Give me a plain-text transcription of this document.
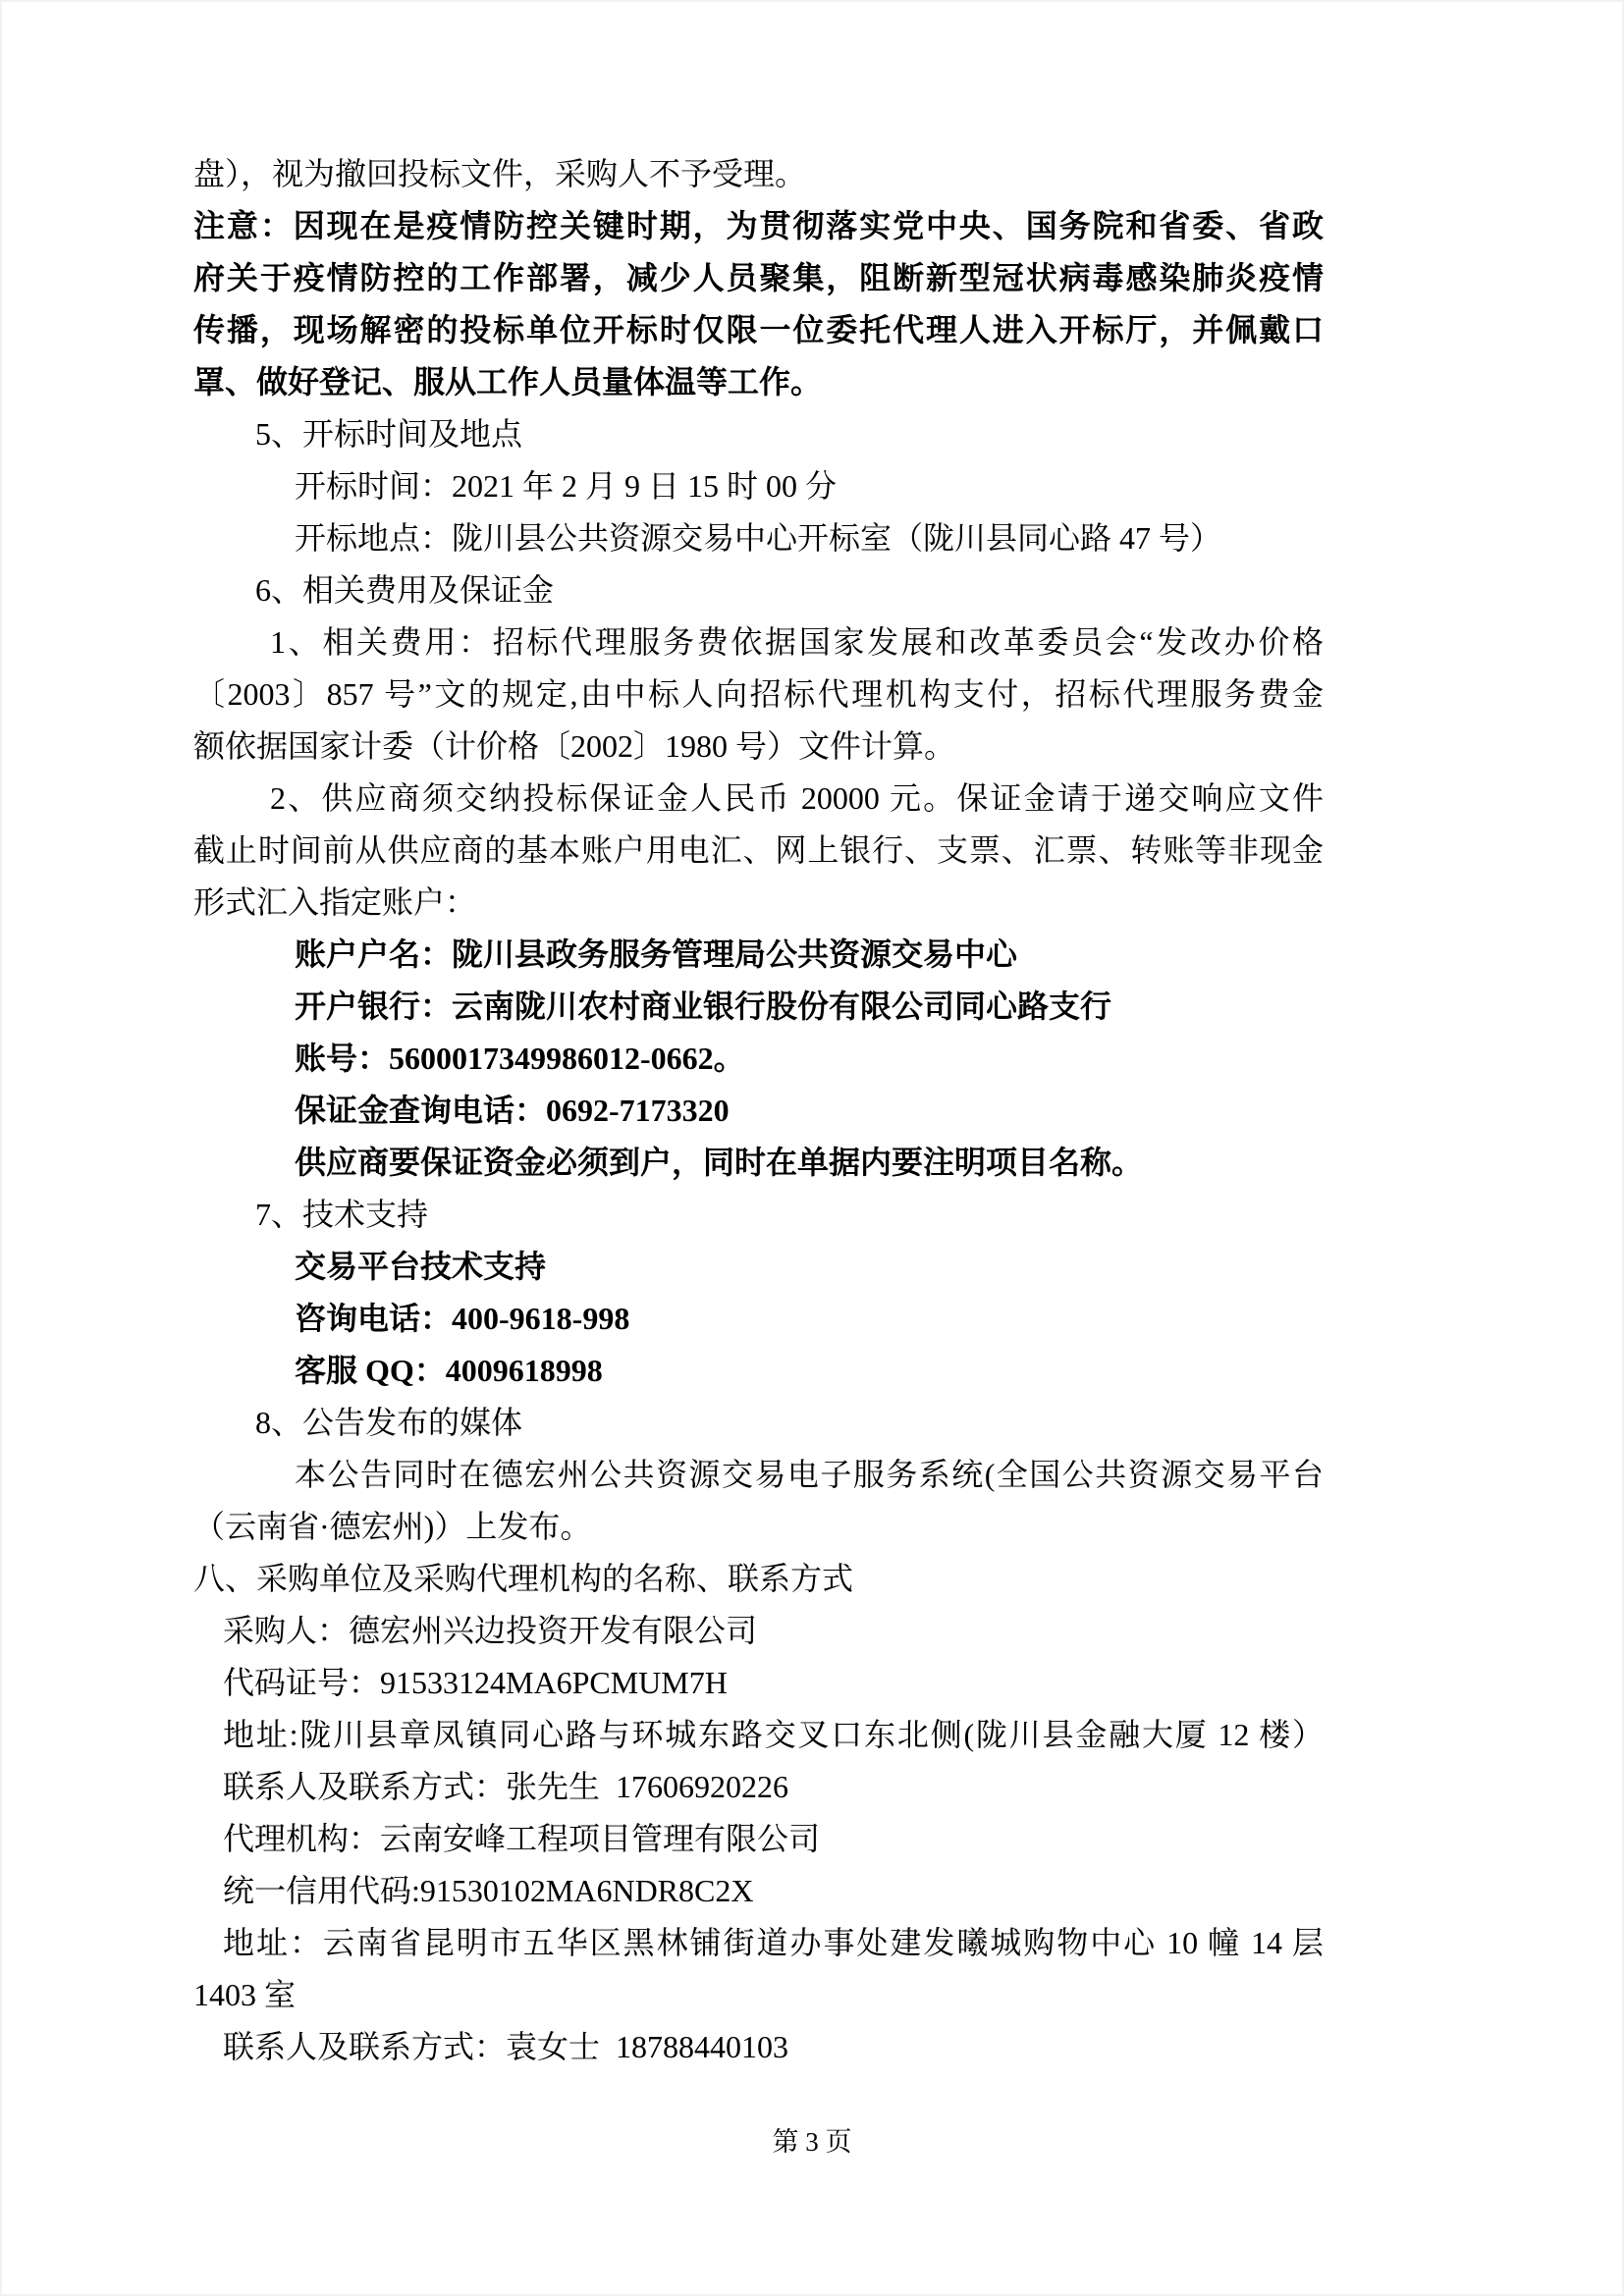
盘），视为撤回投标文件，采购人不予受理。
注意：因现在是疫情防控关键时期，为贯彻落实党中央、国务院和省委、省政
府关于疫情防控的工作部署，减少人员聚集，阻断新型冠状病毒感染肺炎疫情
传播，现场解密的投标单位开标时仅限一位委托代理人进入开标厅，并佩戴口
罩、做好登记、服从工作人员量体温等工作。
5、开标时间及地点
开标时间：2021 年 2 月 9 日 15 时 00 分
开标地点：陇川县公共资源交易中心开标室（陇川县同心路 47 号）
6、相关费用及保证金
1、相关费用：招标代理服务费依据国家发展和改革委员会“发改办价格
〔2003〕857 号”文的规定,由中标人向招标代理机构支付，招标代理服务费金
额依据国家计委（计价格〔2002〕1980 号）文件计算。
2、供应商须交纳投标保证金人民币 20000 元。保证金请于递交响应文件
截止时间前从供应商的基本账户用电汇、网上银行、支票、汇票、转账等非现金
形式汇入指定账户：
账户户名：陇川县政务服务管理局公共资源交易中心
开户银行：云南陇川农村商业银行股份有限公司同心路支行
账号：5600017349986012-0662。
保证金查询电话：0692-7173320
供应商要保证资金必须到户，同时在单据内要注明项目名称。
7、技术支持
交易平台技术支持
咨询电话：400-9618-998
客服 QQ：4009618998
8、公告发布的媒体
本公告同时在德宏州公共资源交易电子服务系统(全国公共资源交易平台
（云南省·德宏州)）上发布。
八、采购单位及采购代理机构的名称、联系方式
采购人：德宏州兴边投资开发有限公司
代码证号：91533124MA6PCMUM7H
地址:陇川县章凤镇同心路与环城东路交叉口东北侧(陇川县金融大厦 12 楼）
联系人及联系方式：张先生  17606920226
代理机构：云南安峰工程项目管理有限公司
统一信用代码:91530102MA6NDR8C2X
地址：云南省昆明市五华区黑林铺街道办事处建发曦城购物中心 10 幢 14 层
1403 室
联系人及联系方式：袁女士  18788440103
第 3 页
